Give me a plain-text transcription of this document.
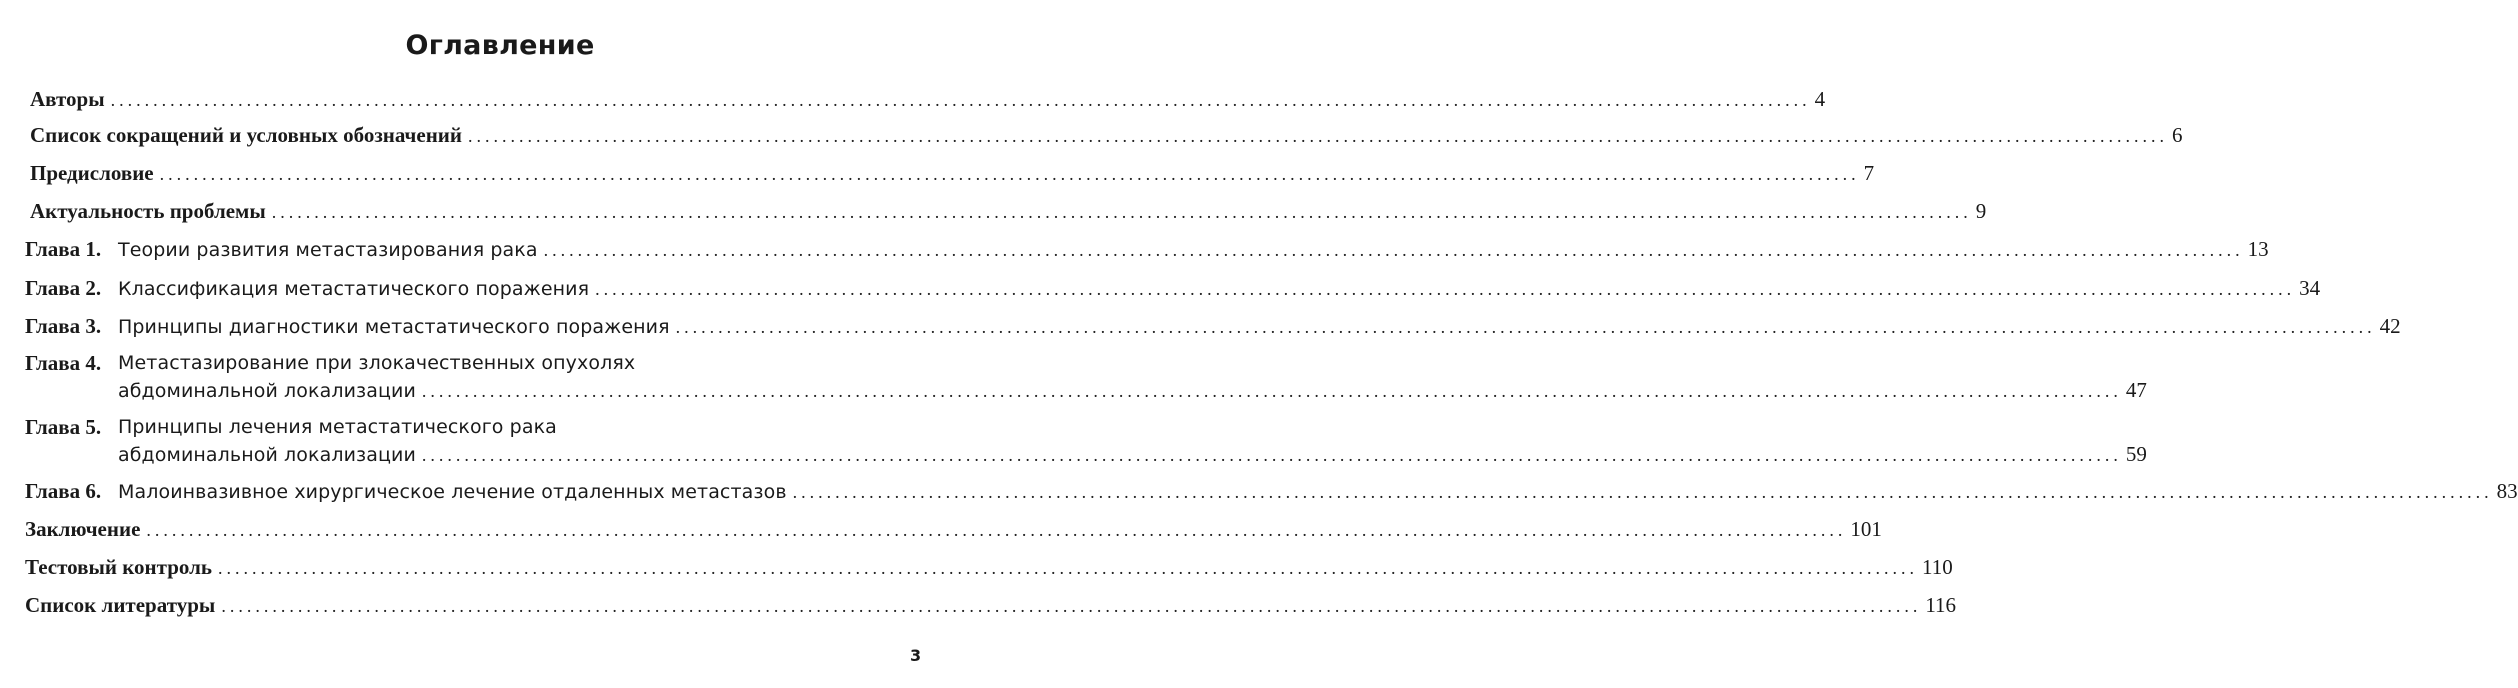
Оглавление
Авторы ........................................................................................................................................................................................................ 4
Список сокращений и условных обозначений ........................................................................................................................................................................................................ 6
Предисловие ........................................................................................................................................................................................................ 7
Актуальность проблемы ........................................................................................................................................................................................................ 9
Глава 1. Теории развития метастазирования рака ........................................................................................................................................................................................................ 13
Глава 2. Классификация метастатического поражения ........................................................................................................................................................................................................ 34
Глава 3. Принципы диагностики метастатического поражения ........................................................................................................................................................................................................ 42
Глава 4. Метастазирование при злокачественных опухолях
абдоминальной локализации ........................................................................................................................................................................................................ 47
Глава 5. Принципы лечения метастатического рака
абдоминальной локализации ........................................................................................................................................................................................................ 59
Глава 6. Малоинвазивное хирургическое лечение отдаленных метастазов ........................................................................................................................................................................................................ 83
Заключение ........................................................................................................................................................................................................ 101
Тестовый контроль ........................................................................................................................................................................................................ 110
Список литературы ........................................................................................................................................................................................................ 116
3
